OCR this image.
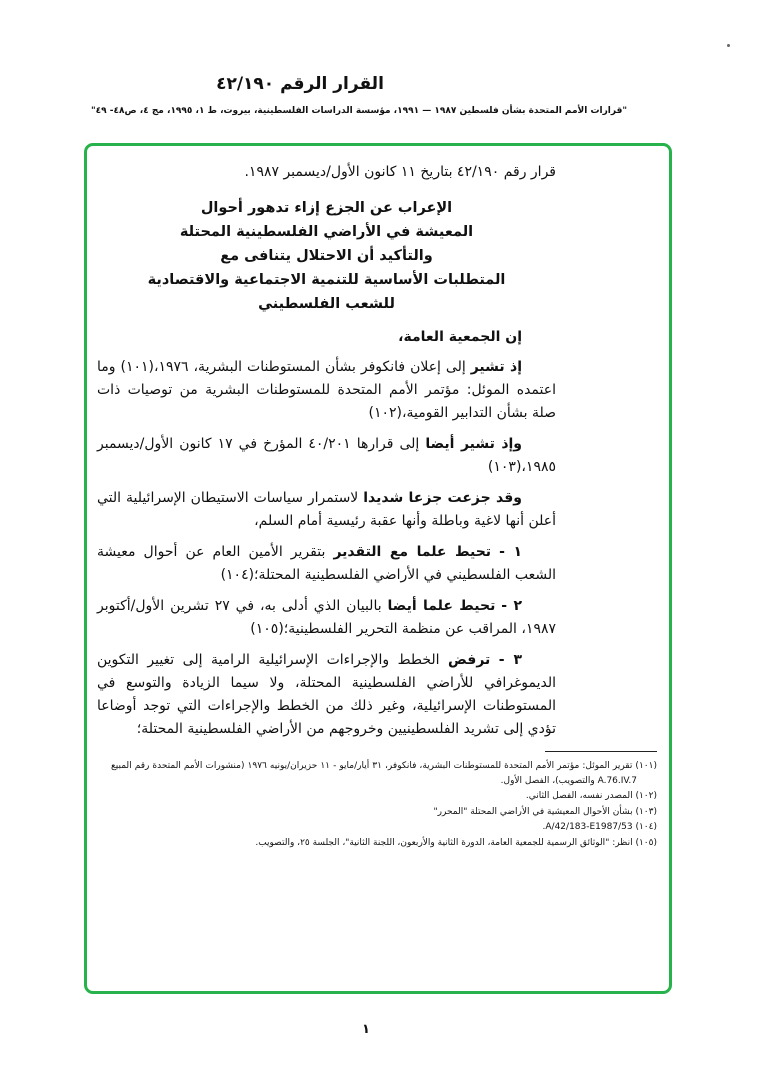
القرار الرقم ٤٢/١٩٠
"قرارات الأمم المتحدة بشأن فلسطين ١٩٨٧ — ١٩٩١، مؤسسة الدراسات الفلسطينية، بيروت، ط ١، ١٩٩٥، مج ٤، ص٤٨- ٤٩"

قرار رقم ٤٢/١٩٠ بتاريخ ١١ كانون الأول/ديسمبر ١٩٨٧.

الإعراب عن الجزع إزاء تدهور أحوال
المعيشة في الأراضي الفلسطينية المحتلة
والتأكيد أن الاحتلال يتنافى مع
المتطلبات الأساسية للتنمية الاجتماعية والاقتصادية
للشعب الفلسطيني

إن الجمعية العامة،

إذ تشير إلى إعلان فانكوفر بشأن المستوطنات البشرية، ١٩٧٦،(١٠١) وما اعتمده الموئل: مؤتمر الأمم المتحدة للمستوطنات البشرية من توصيات ذات صلة بشأن التدابير القومية،(١٠٢)

وإذ تشير أيضا إلى قرارها ٤٠/٢٠١ المؤرخ في ١٧ كانون الأول/ديسمبر ١٩٨٥،(١٠٣)

وقد جزعت جزعا شديدا لاستمرار سياسات الاستيطان الإسرائيلية التي أعلن أنها لاغية وباطلة وأنها عقبة رئيسية أمام السلم،

١ - تحيط علما مع التقدير بتقرير الأمين العام عن أحوال معيشة الشعب الفلسطيني في الأراضي الفلسطينية المحتلة؛(١٠٤)

٢ - تحيط علما أيضا بالبيان الذي أدلى به، في ٢٧ تشرين الأول/أكتوبر ١٩٨٧، المراقب عن منظمة التحرير الفلسطينية؛(١٠٥)

٣ - ترفض الخطط والإجراءات الإسرائيلية الرامية إلى تغيير التكوين الديموغرافي للأراضي الفلسطينية المحتلة، ولا سيما الزيادة والتوسع في المستوطنات الإسرائيلية، وغير ذلك من الخطط والإجراءات التي توجد أوضاعا تؤدي إلى تشريد الفلسطينيين وخروجهم من الأراضي الفلسطينية المحتلة؛

(١٠١) تقرير الموئل: مؤتمر الأمم المتحدة للمستوطنات البشرية، فانكوفر، ٣١ أيار/مايو - ١١ حزيران/يونيه ١٩٧٦ (منشورات الأمم المتحدة رقم المبيع A.76.IV.7 والتصويب)، الفصل الأول.
(١٠٢) المصدر نفسه، الفصل الثاني.
(١٠٣) بشأن الأحوال المعيشية في الأراضي المحتلة "المحرر"
(١٠٤) A/42/183-E1987/53.
(١٠٥) انظر: "الوثائق الرسمية للجمعية العامة، الدورة الثانية والأربعون، اللجنة الثانية"، الجلسة ٢٥، والتصويب.
١
